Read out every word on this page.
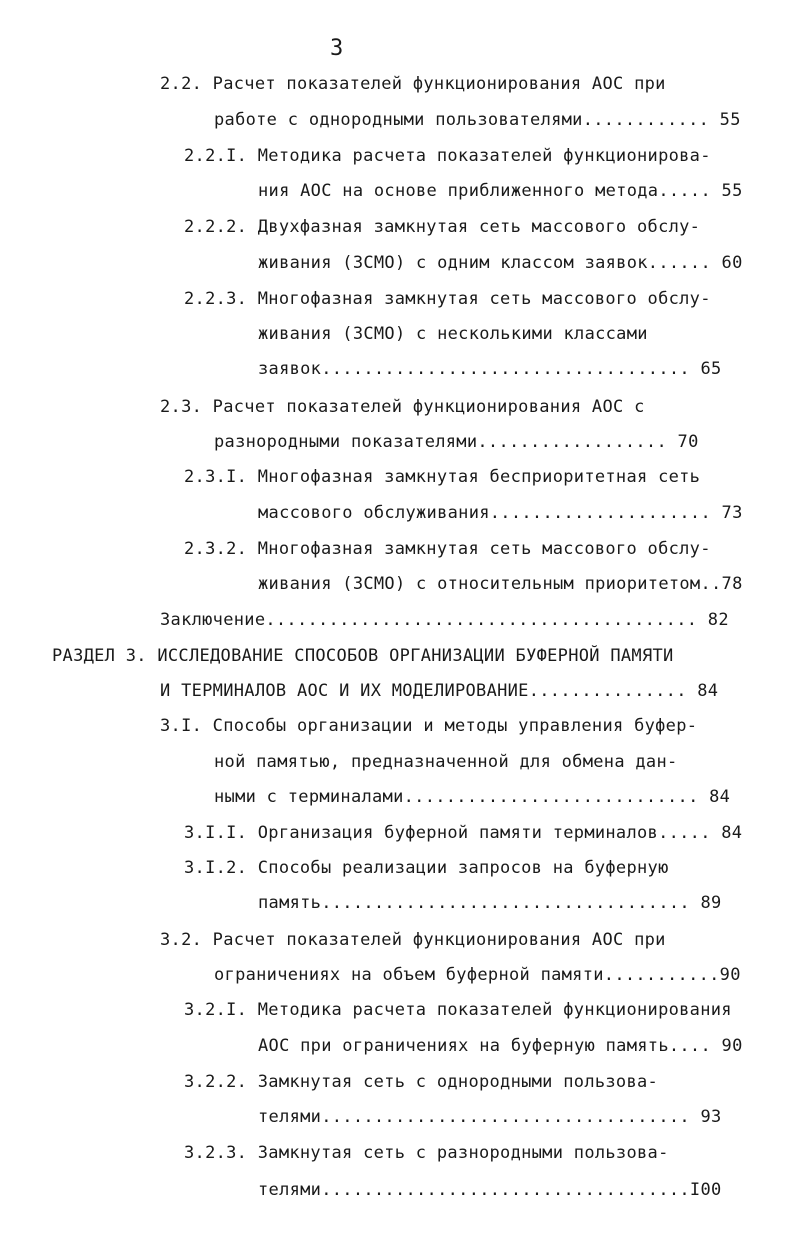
3
2.2. Расчет показателей функционирования АОС при
работе с однородными пользователями............ 55
2.2.I. Методика расчета показателей функционирова-
ния АОС на основе приближенного метода..... 55
2.2.2. Двухфазная замкнутая сеть массового обслу-
живания (ЗСМО) с одним классом заявок...... 60
2.2.3. Многофазная замкнутая сеть массового обслу-
живания (ЗСМО) с несколькими классами
заявок................................... 65
2.3. Расчет показателей функционирования АОС с
разнородными показателями.................. 70
2.3.I. Многофазная замкнутая бесприоритетная сеть
массового обслуживания..................... 73
2.3.2. Многофазная замкнутая сеть массового обслу-
живания (ЗСМО) с относительным приоритетом..78
Заключение......................................... 82
РАЗДЕЛ 3. ИССЛЕДОВАНИЕ СПОСОБОВ ОРГАНИЗАЦИИ БУФЕРНОЙ ПАМЯТИ
И ТЕРМИНАЛОВ АОС И ИХ МОДЕЛИРОВАНИЕ............... 84
3.I. Способы организации и методы управления буфер-
ной памятью, предназначенной для обмена дан-
ными с терминалами............................ 84
3.I.I. Организация буферной памяти терминалов..... 84
3.I.2. Способы реализации запросов на буферную
память................................... 89
3.2. Расчет показателей функционирования АОС при
ограничениях на объем буферной памяти...........90
3.2.I. Методика расчета показателей функционирования
АОС при ограничениях на буферную память.... 90
3.2.2. Замкнутая сеть с однородными пользова-
телями................................... 93
3.2.3. Замкнутая сеть с разнородными пользова-
телями...................................I00
